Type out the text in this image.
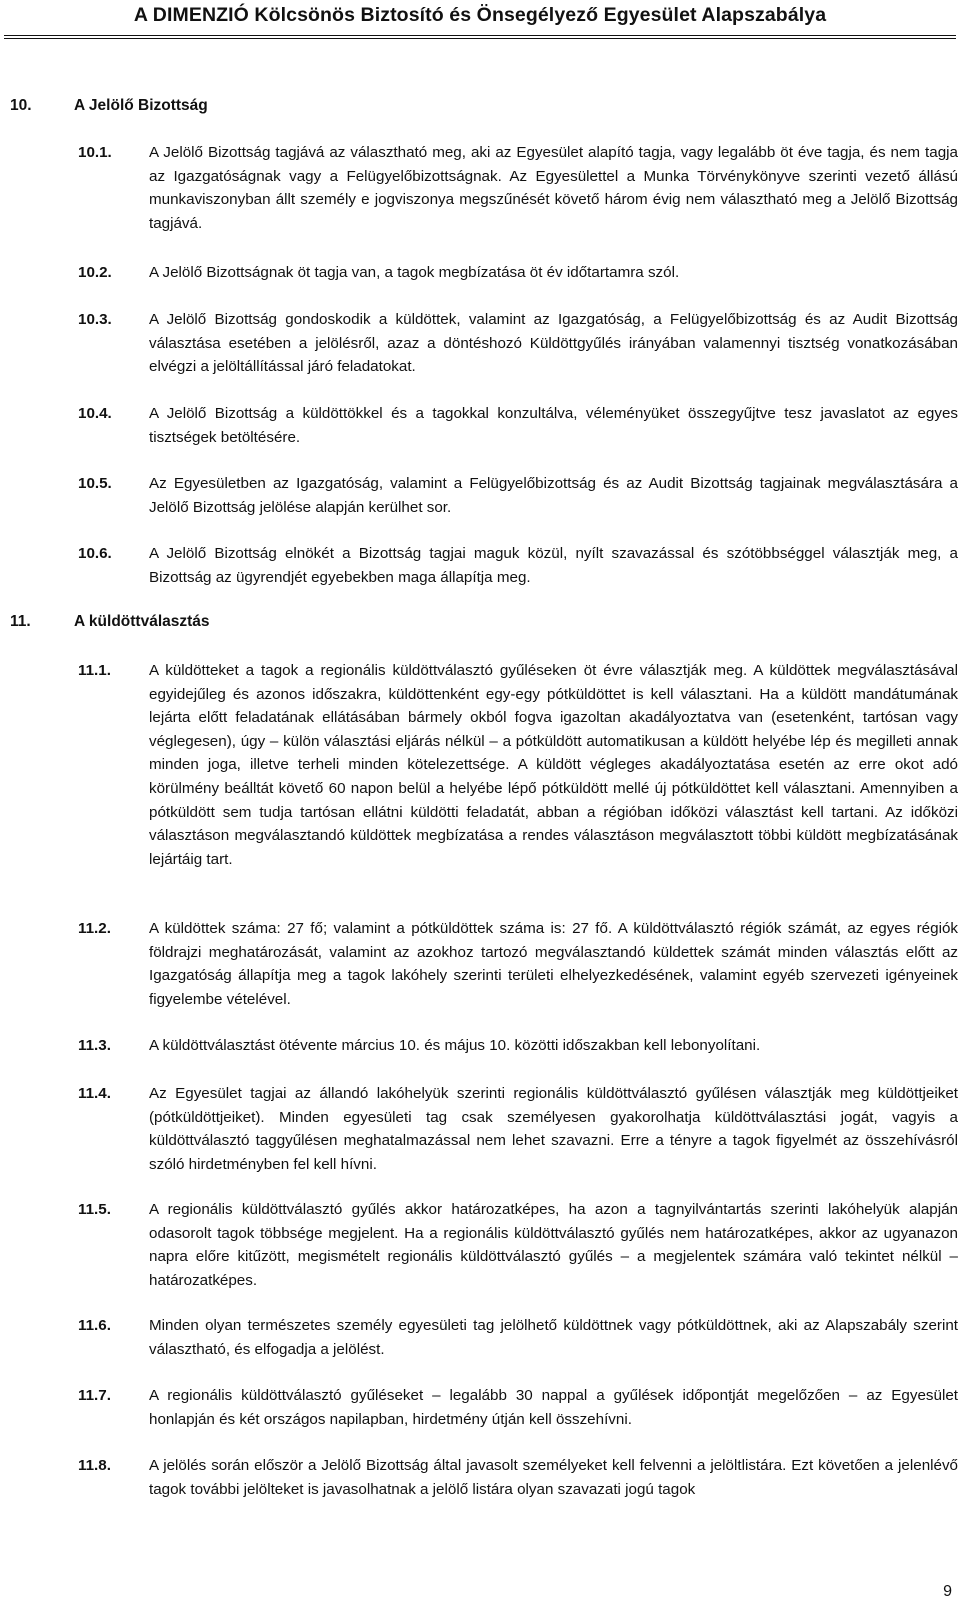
A DIMENZIÓ Kölcsönös Biztosító és Önsegélyező Egyesület Alapszabálya
10.	A Jelölő Bizottság
10.1. A Jelölő Bizottság tagjává az választható meg, aki az Egyesület alapító tagja, vagy legalább öt éve tagja, és nem tagja az Igazgatóságnak vagy a Felügyelőbizottságnak. Az Egyesülettel a Munka Törvénykönyve szerinti vezető állású munkaviszonyban állt személy e jogviszonya megszűnését követő három évig nem választható meg a Jelölő Bizottság tagjává.
10.2. A Jelölő Bizottságnak öt tagja van, a tagok megbízatása öt év időtartamra szól.
10.3. A Jelölő Bizottság gondoskodik a küldöttek, valamint az Igazgatóság, a Felügyelőbizottság és az Audit Bizottság választása esetében a jelölésről, azaz a döntéshozó Küldöttgyűlés irányában valamennyi tisztség vonatkozásában elvégzi a jelöltállítással járó feladatokat.
10.4. A Jelölő Bizottság a küldöttökkel és a tagokkal konzultálva, véleményüket összegyűjtve tesz javaslatot az egyes tisztségek betöltésére.
10.5. Az Egyesületben az Igazgatóság, valamint a Felügyelőbizottság és az Audit Bizottság tagjainak megválasztására a Jelölő Bizottság jelölése alapján kerülhet sor.
10.6. A Jelölő Bizottság elnökét a Bizottság tagjai maguk közül, nyílt szavazással és szótöbbséggel választják meg, a Bizottság az ügyrendjét egyebekben maga állapítja meg.
11.	A küldöttválasztás
11.1.	A küldötteket a tagok a regionális küldöttválasztó gyűléseken öt évre választják meg. A küldöttek megválasztásával egyidejűleg és azonos időszakra, küldöttenként egy-egy pótküldöttet is kell választani. Ha a küldött mandátumának lejárta előtt feladatának ellátásában bármely okból fogva igazoltan akadályoztatva van (esetenként, tartósan vagy véglegesen), úgy – külön választási eljárás nélkül – a pótküldött automatikusan a küldött helyébe lép és megilleti annak minden joga, illetve terheli minden kötelezettsége. A küldött végleges akadályoztatása esetén az erre okot adó körülmény beálltát követő 60 napon belül a helyébe lépő pótküldött mellé új pótküldöttet kell választani. Amennyiben a pótküldött sem tudja tartósan ellátni küldötti feladatát, abban a régióban időközi választást kell tartani. Az időközi választáson megválasztandó küldöttek megbízatása a rendes választáson megválasztott többi küldött megbízatásának lejártáig tart.
11.2.	A küldöttek száma: 27 fő; valamint a pótküldöttek száma is: 27 fő. A küldöttválasztó régiók számát, az egyes régiók földrajzi meghatározását, valamint az azokhoz tartozó megválasztandó küldettek számát minden választás előtt az Igazgatóság állapítja meg a tagok lakóhely szerinti területi elhelyezkedésének, valamint egyéb szervezeti igényeinek figyelembe vételével.
11.3.	A küldöttválasztást ötévente március 10. és május 10. közötti időszakban kell lebonyolítani.
11.4.	Az Egyesület tagjai az állandó lakóhelyük szerinti regionális küldöttválasztó gyűlésen választják meg küldöttjeiket (pótküldöttjeiket). Minden egyesületi tag csak személyesen gyakorolhatja küldöttválasztási jogát, vagyis a küldöttválasztó taggyűlésen meghatalmazással nem lehet szavazni. Erre a tényre a tagok figyelmét az összehívásról szóló hirdetményben fel kell hívni.
11.5.	A regionális küldöttválasztó gyűlés akkor határozatképes, ha azon a tagnyilvántartás szerinti lakóhelyük alapján odasorolt tagok többsége megjelent. Ha a regionális küldöttválasztó gyűlés nem határozatképes, akkor az ugyanazon napra előre kitűzött, megismételt regionális küldöttválasztó gyűlés – a megjelentek számára való tekintet nélkül – határozatképes.
11.6.	Minden olyan természetes személy egyesületi tag jelölhető küldöttnek vagy pótküldöttnek, aki az Alapszabály szerint választható, és elfogadja a jelölést.
11.7.	A regionális küldöttválasztó gyűléseket – legalább 30 nappal a gyűlések időpontját megelőzően – az Egyesület honlapján és két országos napilapban, hirdetmény útján kell összehívni.
11.8.	A jelölés során először a Jelölő Bizottság által javasolt személyeket kell felvenni a jelöltlistára. Ezt követően a jelenlévő tagok további jelölteket is javasolhatnak a jelölő listára olyan szavazati jogú tagok
9
